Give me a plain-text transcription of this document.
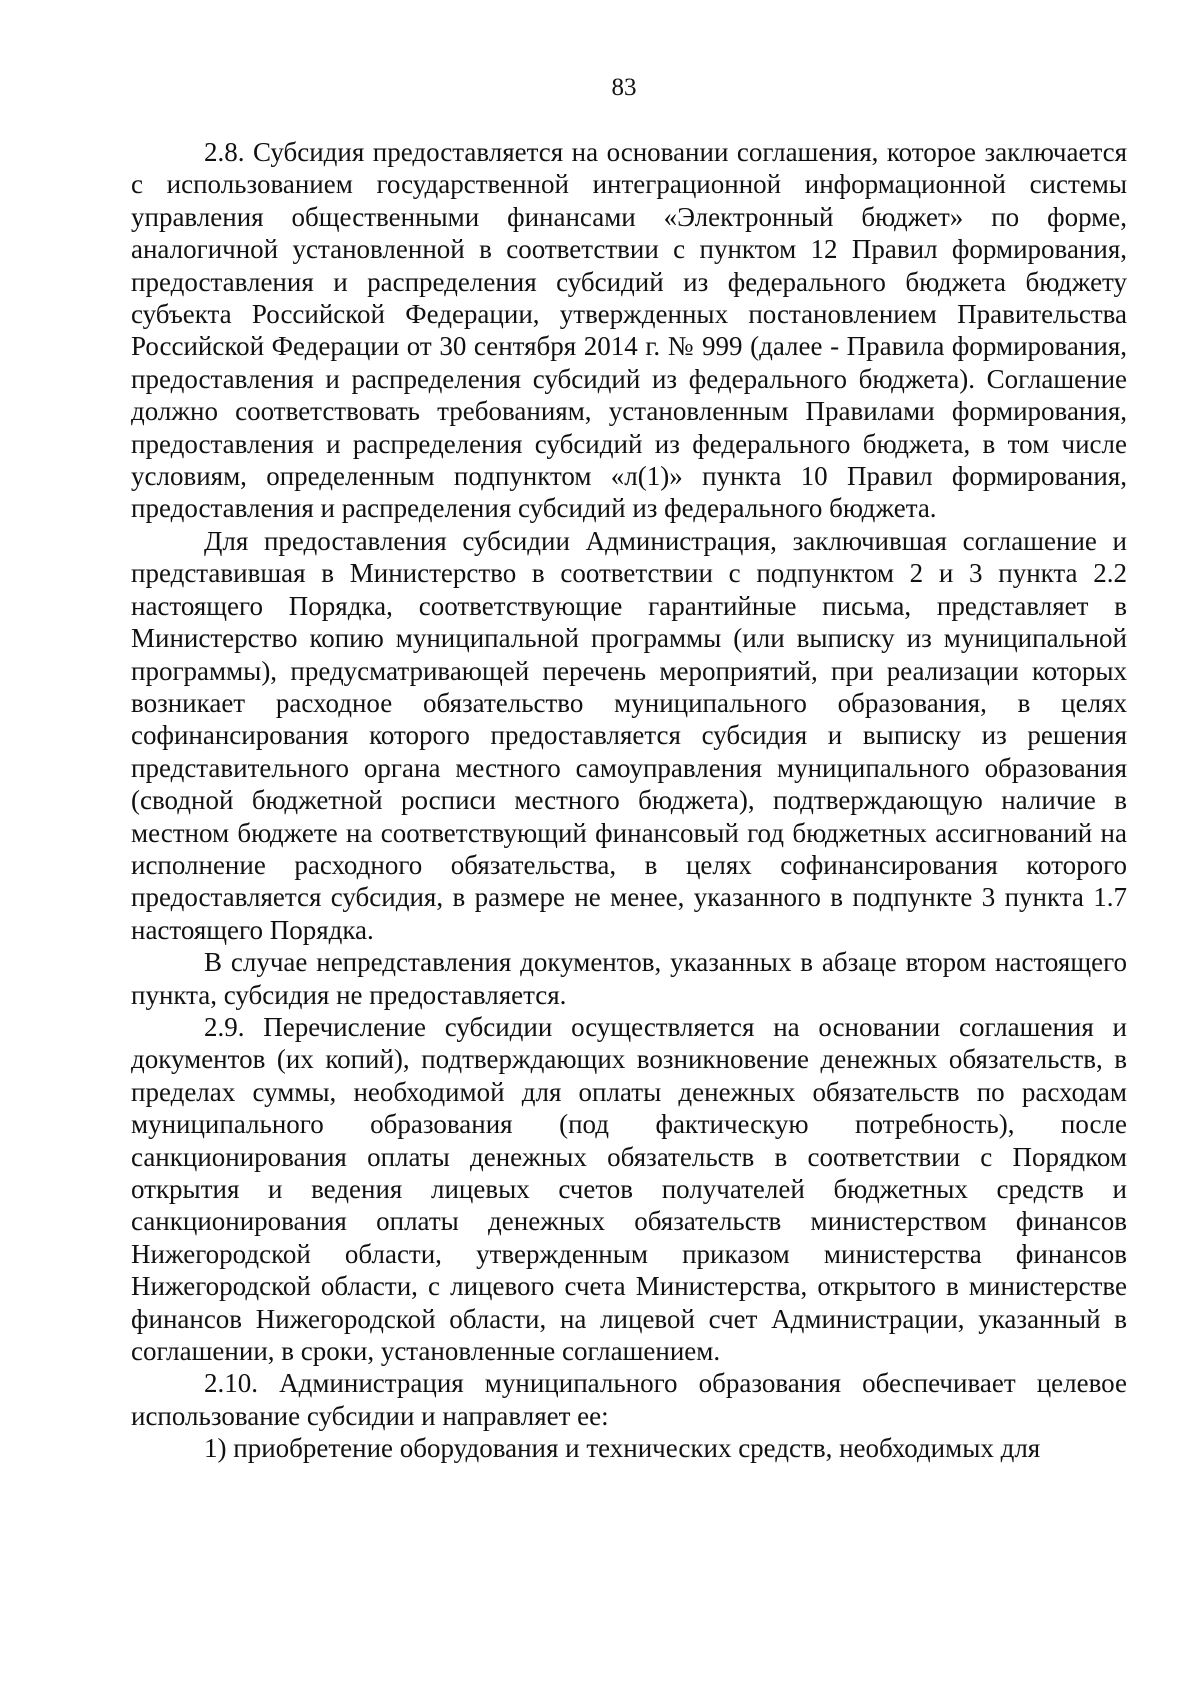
83

2.8. Субсидия предоставляется на основании соглашения, которое заключается с использованием государственной интеграционной информационной системы управления общественными финансами «Электронный бюджет» по форме, аналогичной установленной в соответствии с пунктом 12 Правил формирования, предоставления и распределения субсидий из федерального бюджета бюджету субъекта Российской Федерации, утвержденных постановлением Правительства Российской Федерации от 30 сентября 2014 г. № 999 (далее - Правила формирования, предоставления и распределения субсидий из федерального бюджета). Соглашение должно соответствовать требованиям, установленным Правилами формирования, предоставления и распределения субсидий из федерального бюджета, в том числе условиям, определенным подпунктом «л(1)» пункта 10 Правил формирования, предоставления и распределения субсидий из федерального бюджета.

Для предоставления субсидии Администрация, заключившая соглашение и представившая в Министерство в соответствии с подпунктом 2 и 3 пункта 2.2 настоящего Порядка, соответствующие гарантийные письма, представляет в Министерство копию муниципальной программы (или выписку из муниципальной программы), предусматривающей перечень мероприятий, при реализации которых возникает расходное обязательство муниципального образования, в целях софинансирования которого предоставляется субсидия и выписку из решения представительного органа местного самоуправления муниципального образования (сводной бюджетной росписи местного бюджета), подтверждающую наличие в местном бюджете на соответствующий финансовый год бюджетных ассигнований на исполнение расходного обязательства, в целях софинансирования которого предоставляется субсидия, в размере не менее, указанного в подпункте 3 пункта 1.7 настоящего Порядка.

В случае непредставления документов, указанных в абзаце втором настоящего пункта, субсидия не предоставляется.

2.9. Перечисление субсидии осуществляется на основании соглашения и документов (их копий), подтверждающих возникновение денежных обязательств, в пределах суммы, необходимой для оплаты денежных обязательств по расходам муниципального образования (под фактическую потребность), после санкционирования оплаты денежных обязательств в соответствии с Порядком открытия и ведения лицевых счетов получателей бюджетных средств и санкционирования оплаты денежных обязательств министерством финансов Нижегородской области, утвержденным приказом министерства финансов Нижегородской области, с лицевого счета Министерства, открытого в министерстве финансов Нижегородской области, на лицевой счет Администрации, указанный в соглашении, в сроки, установленные соглашением.

2.10. Администрация муниципального образования обеспечивает целевое использование субсидии и направляет ее:

1) приобретение оборудования и технических средств, необходимых для
